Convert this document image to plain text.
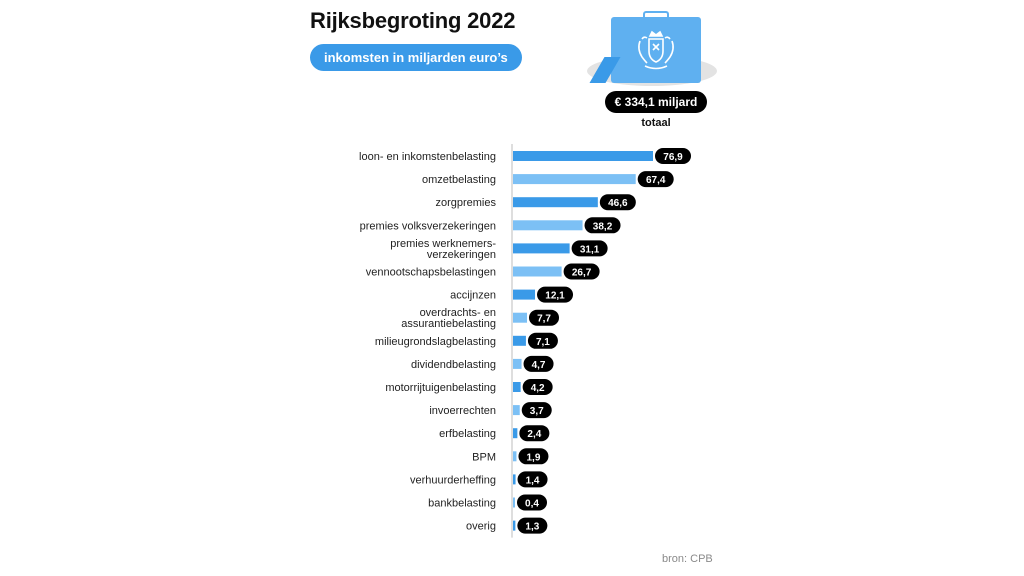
Rijksbegroting 2022
inkomsten in miljarden euro’s
€ 334,1 miljard
totaal
loon- en inkomstenbelasting	76,9
omzetbelasting	67,4
zorgpremies	46,6
premies volksverzekeringen	38,2
premies werknemers-verzekeringen	31,1
vennootschapsbelastingen	26,7
accijnzen	12,1
overdrachts- en assurantiebelasting	7,7
milieugrondslagbelasting	7,1
dividendbelasting	4,7
motorrijtuigenbelasting	4,2
invoerrechten	3,7
erfbelasting	2,4
BPM	1,9
verhuurderheffing	1,4
bankbelasting	0,4
overig	1,3
bron: CPB
